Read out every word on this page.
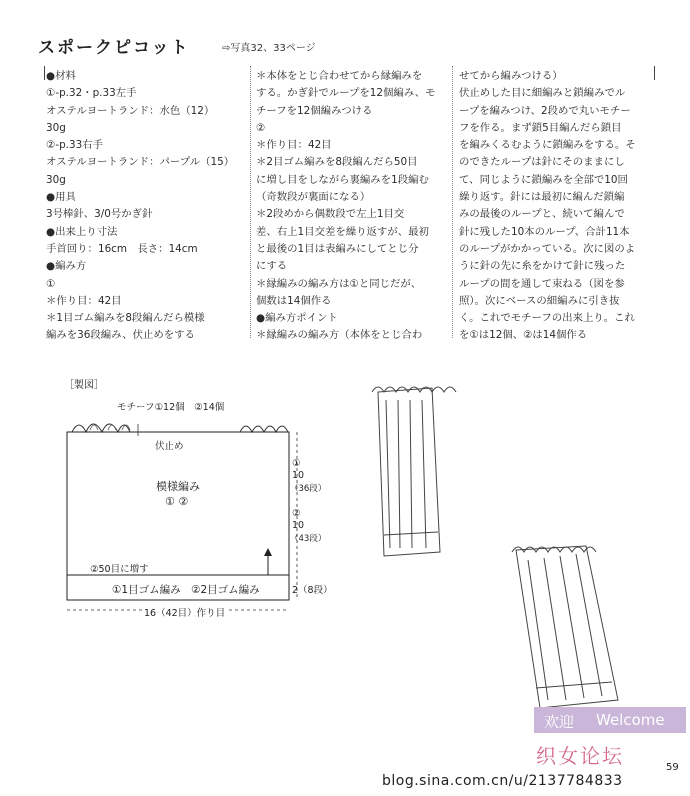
スポークピコット	⇨写真32、33ページ
●材料
①-p.32・p.33左手
オステルヨートランド：水色（12）
30g
②-p.33右手
オステルヨートランド：パープル（15）
30g
●用具
3号棒針、3/0号かぎ針
●出来上り寸法
手首回り：16cm　長さ：14cm
●編み方
①
＊作り目：42目
＊1目ゴム編みを8段編んだら模様
編みを36段編み、伏止めをする
＊本体をとじ合わせてから縁編みを
する。かぎ針でループを12個編み、モ
チーフを12個編みつける
②
＊作り目：42目
＊2目ゴム編みを8段編んだら50目
に増し目をしながら裏編みを1段編む
（奇数段が裏面になる）
＊2段めから偶数段で左上1目交
差、右上1目交差を繰り返すが、最初
と最後の1目は表編みにしてとじ分
にする
＊縁編みの編み方は①と同じだが、
個数は14個作る
●編み方ポイント
＊縁編みの編み方（本体をとじ合わ
せてから編みつける）
伏止めした目に細編みと鎖編みでル
ープを編みつけ、2段めで丸いモチー
フを作る。まず鎖5目編んだら鎖目
を編みくるむように鎖編みをする。そ
のできたループは針にそのままにし
て、同じように鎖編みを全部で10回
繰り返す。針には最初に編んだ鎖編
みの最後のループと、続いて編んで
針に残した10本のループ、合計11本
のループがかかっている。次に図のよ
うに針の先に糸をかけて針に残った
ループの間を通して束ねる（図を参
照）。次にベースの細編みに引き抜
く。これでモチーフの出来上り。これ
を①は12個、②は14個作る
［製図］
モチーフ①12個　②14個
伏止め
模様編み
① ②
①
10
（36段）
②
10
（43段）
②50目に増す
①1目ゴム編み　②2目ゴム編み	2（8段）
16（42目）作り目
欢迎 Welcome
织女论坛
blog.sina.com.cn/u/2137784833
59
